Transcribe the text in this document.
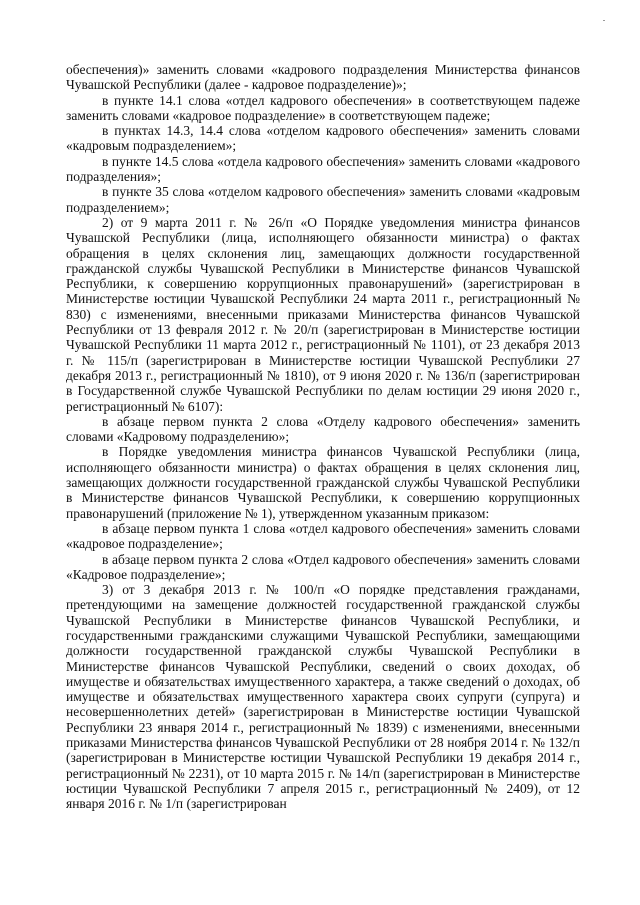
обеспечения)» заменить словами «кадрового подразделения Министерства финансов Чувашской Республики (далее - кадровое подразделение)»;

в пункте 14.1 слова «отдел кадрового обеспечения» в соответствующем падеже заменить словами «кадровое подразделение» в соответствующем падеже;

в пунктах 14.3, 14.4 слова «отделом кадрового обеспечения» заменить словами «кадровым подразделением»;

в пункте 14.5 слова «отдела кадрового обеспечения» заменить словами «кадрового подразделения»;

в пункте 35 слова «отделом кадрового обеспечения» заменить словами «кадровым подразделением»;

2) от 9 марта 2011 г. № 26/п «О Порядке уведомления министра финансов Чувашской Республики (лица, исполняющего обязанности министра) о фактах обращения в целях склонения лиц, замещающих должности государственной гражданской службы Чувашской Республики в Министерстве финансов Чувашской Республики, к совершению коррупционных правонарушений» (зарегистрирован в Министерстве юстиции Чувашской Республики 24 марта 2011 г., регистрационный № 830) с изменениями, внесенными приказами Министерства финансов Чувашской Республики от 13 февраля 2012 г. № 20/п (зарегистрирован в Министерстве юстиции Чувашской Республики 11 марта 2012 г., регистрационный № 1101), от 23 декабря 2013 г. № 115/п (зарегистрирован в Министерстве юстиции Чувашской Республики 27 декабря 2013 г., регистрационный № 1810), от 9 июня 2020 г. № 136/п (зарегистрирован в Государственной службе Чувашской Республики по делам юстиции 29 июня 2020 г., регистрационный № 6107):

в абзаце первом пункта 2 слова «Отделу кадрового обеспечения» заменить словами «Кадровому подразделению»;

в Порядке уведомления министра финансов Чувашской Республики (лица, исполняющего обязанности министра) о фактах обращения в целях склонения лиц, замещающих должности государственной гражданской службы Чувашской Республики в Министерстве финансов Чувашской Республики, к совершению коррупционных правонарушений (приложение № 1), утвержденном указанным приказом:

в абзаце первом пункта 1 слова «отдел кадрового обеспечения» заменить словами «кадровое подразделение»;

в абзаце первом пункта 2 слова «Отдел кадрового обеспечения» заменить словами «Кадровое подразделение»;

3) от 3 декабря 2013 г. № 100/п «О порядке представления гражданами, претендующими на замещение должностей государственной гражданской службы Чувашской Республики в Министерстве финансов Чувашской Республики, и государственными гражданскими служащими Чувашской Республики, замещающими должности государственной гражданской службы Чувашской Республики в Министерстве финансов Чувашской Республики, сведений о своих доходах, об имуществе и обязательствах имущественного характера, а также сведений о доходах, об имуществе и обязательствах имущественного характера своих супруги (супруга) и несовершеннолетних детей» (зарегистрирован в Министерстве юстиции Чувашской Республики 23 января 2014 г., регистрационный № 1839) с изменениями, внесенными приказами Министерства финансов Чувашской Республики от 28 ноября 2014 г. № 132/п (зарегистрирован в Министерстве юстиции Чувашской Республики 19 декабря 2014 г., регистрационный № 2231), от 10 марта 2015 г. № 14/п (зарегистрирован в Министерстве юстиции Чувашской Республики 7 апреля 2015 г., регистрационный № 2409), от 12 января 2016 г. № 1/п (зарегистрирован
